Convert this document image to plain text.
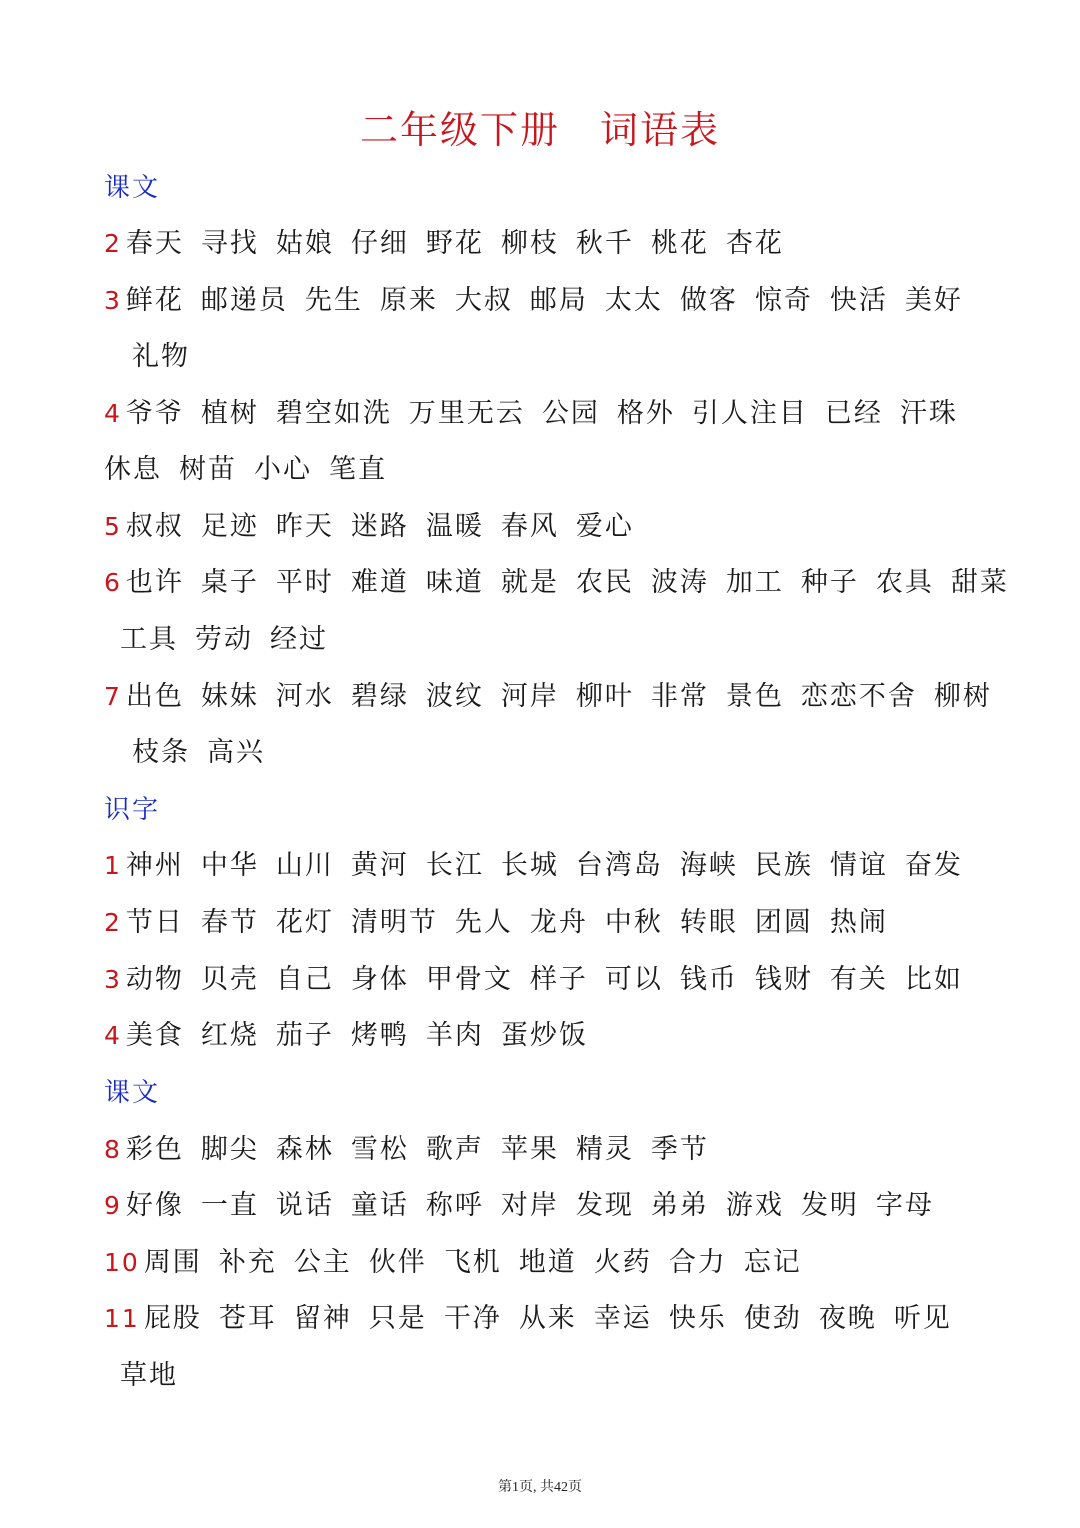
二年级下册 词语表
课文
2 春天 寻找 姑娘 仔细 野花 柳枝 秋千 桃花 杏花
3 鲜花 邮递员 先生 原来 大叔 邮局 太太 做客 惊奇 快活 美好
礼物
4 爷爷 植树 碧空如洗 万里无云 公园 格外 引人注目 已经 汗珠
休息 树苗 小心 笔直
5 叔叔 足迹 昨天 迷路 温暖 春风 爱心
6 也许 桌子 平时 难道 味道 就是 农民 波涛 加工 种子 农具 甜菜
工具 劳动 经过
7 出色 妹妹 河水 碧绿 波纹 河岸 柳叶 非常 景色 恋恋不舍 柳树
枝条 高兴
识字
1 神州 中华 山川 黄河 长江 长城 台湾岛 海峡 民族 情谊 奋发
2 节日 春节 花灯 清明节 先人 龙舟 中秋 转眼 团圆 热闹
3 动物 贝壳 自己 身体 甲骨文 样子 可以 钱币 钱财 有关 比如
4 美食 红烧 茄子 烤鸭 羊肉 蛋炒饭
课文
8 彩色 脚尖 森林 雪松 歌声 苹果 精灵 季节
9 好像 一直 说话 童话 称呼 对岸 发现 弟弟 游戏 发明 字母
10 周围 补充 公主 伙伴 飞机 地道 火药 合力 忘记
11 屁股 苍耳 留神 只是 干净 从来 幸运 快乐 使劲 夜晚 听见
草地
第1页, 共42页
